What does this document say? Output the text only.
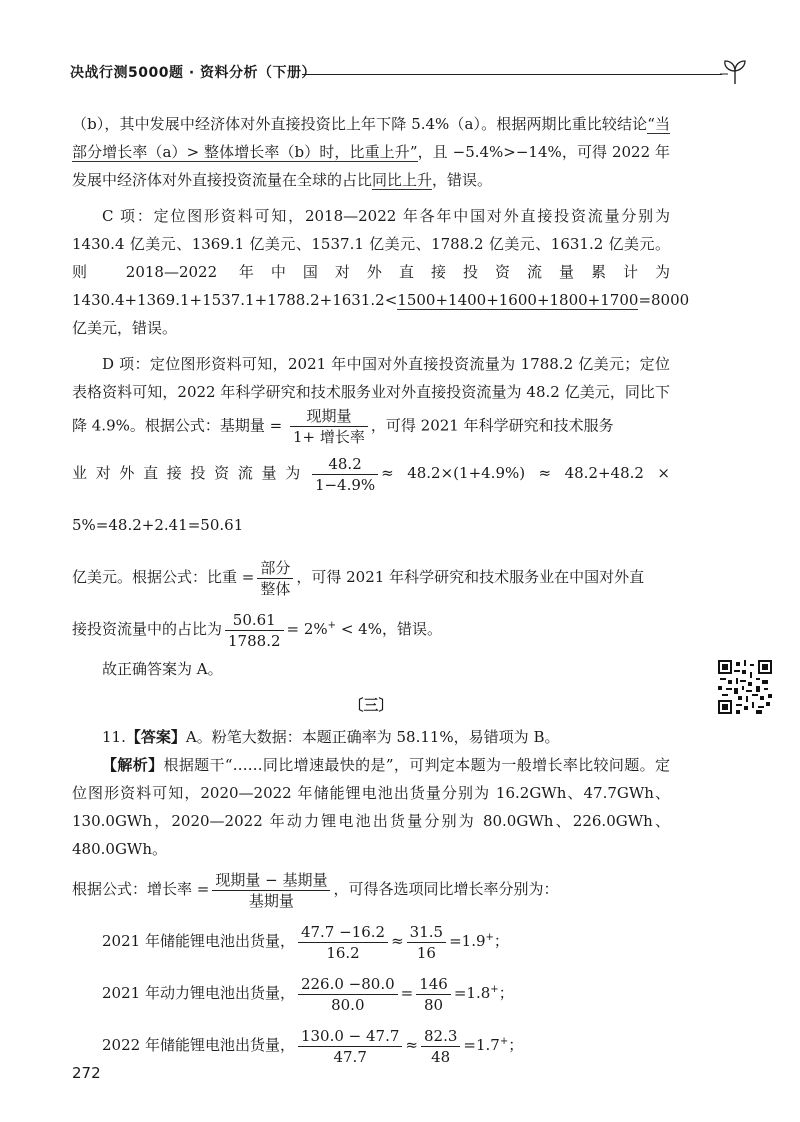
决战行测5000题 · 资料分析（下册）

（b），其中发展中经济体对外直接投资比上年下降 5.4%（a）。根据两期比重比较结论“当部分增长率（a）> 整体增长率（b）时，比重上升”，且 −5.4%>−14%，可得 2022 年发展中经济体对外直接投资流量在全球的占比同比上升，错误。

C 项：定位图形资料可知，2018—2022 年各年中国对外直接投资流量分别为 1430.4 亿美元、1369.1 亿美元、1537.1 亿美元、1788.2 亿美元、1631.2 亿美元。则 2018—2022 年中国对外直接投资流量累计为 1430.4+1369.1+1537.1+1788.2+1631.2<1500+1400+1600+1800+1700=8000 亿美元，错误。

D 项：定位图形资料可知，2021 年中国对外直接投资流量为 1788.2 亿美元；定位表格资料可知，2022 年科学研究和技术服务业对外直接投资流量为 48.2 亿美元，同比下降 4.9%。根据公式：基期量 = $\frac{\text{现期量}}{\text{1+ 增长率}}$ ，可得 2021 年科学研究和技术服务

业对外直接投资流量为 $\frac{48.2}{1-4.9\%} \approx 48.2\times(1+4.9\%) \approx 48.2+48.2 \times 5\%=48.2+2.41=50.61$

亿美元。根据公式：比重 = $\frac{\text{部分}}{\text{整体}}$ ，可得 2021 年科学研究和技术服务业在中国对外直

接投资流量中的占比为 $\frac{50.61}{1788.2} = 2\%^+ < 4\%$，错误。

故正确答案为 A。

〔三〕

11.【答案】A。粉笔大数据：本题正确率为 58.11%，易错项为 B。

【解析】根据题干“……同比增速最快的是”，可判定本题为一般增长率比较问题。定位图形资料可知，2020—2022 年储能锂电池出货量分别为 16.2GWh、47.7GWh、130.0GWh，2020—2022 年动力锂电池出货量分别为 80.0GWh、226.0GWh、480.0GWh。

根据公式：增长率 = $\frac{\text{现期量 − 基期量}}{\text{基期量}}$ ，可得各选项同比增长率分别为：

2021 年储能锂电池出货量， $\frac{47.7 -16.2}{16.2} \approx \frac{31.5}{16} =1.9^+$；

2021 年动力锂电池出货量， $\frac{226.0 -80.0}{80.0} = \frac{146}{80} =1.8^+$；

2022 年储能锂电池出货量， $\frac{130.0 - 47.7}{47.7} \approx \frac{82.3}{48} =1.7^+$；

272
